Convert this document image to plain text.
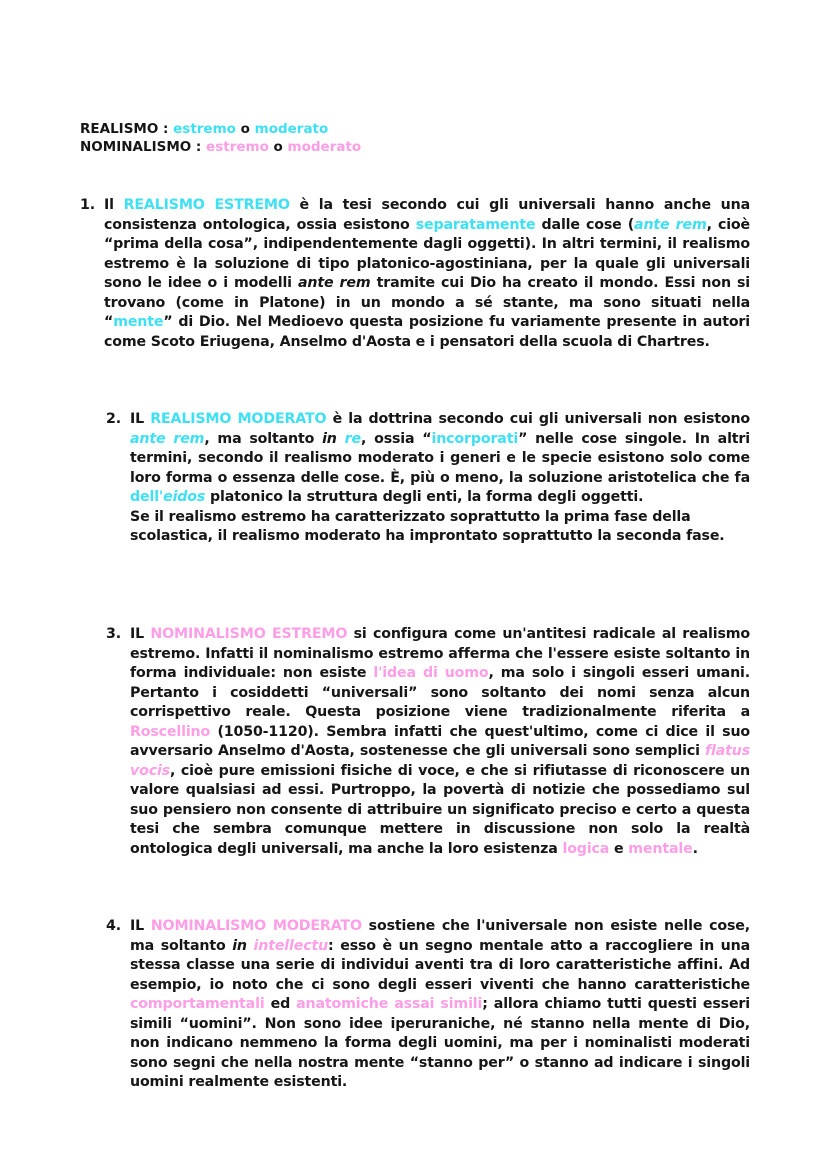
REALISMO : estremo o moderato
NOMINALISMO : estremo o moderato
1. Il REALISMO ESTREMO è la tesi secondo cui gli universali hanno anche una consistenza ontologica, ossia esistono separatamente dalle cose (ante rem, cioè “prima della cosa”, indipendentemente dagli oggetti). In altri termini, il realismo estremo è la soluzione di tipo platonico-agostiniana, per la quale gli universali sono le idee o i modelli ante rem tramite cui Dio ha creato il mondo. Essi non si trovano (come in Platone) in un mondo a sé stante, ma sono situati nella “mente” di Dio. Nel Medioevo questa posizione fu variamente presente in autori come Scoto Eriugena, Anselmo d'Aosta e i pensatori della scuola di Chartres.

2. IL REALISMO MODERATO è la dottrina secondo cui gli universali non esistono ante rem, ma soltanto in re, ossia “incorporati” nelle cose singole. In altri termini, secondo il realismo moderato i generi e le specie esistono solo come loro forma o essenza delle cose. È, più o meno, la soluzione aristotelica che fa dell'eidos platonico la struttura degli enti, la forma degli oggetti.

Se il realismo estremo ha caratterizzato soprattutto la prima fase della scolastica, il realismo moderato ha improntato soprattutto la seconda fase.

3. IL NOMINALISMO ESTREMO si configura come un'antitesi radicale al realismo estremo. Infatti il nominalismo estremo afferma che l'essere esiste soltanto in forma individuale: non esiste l'idea di uomo, ma solo i singoli esseri umani. Pertanto i cosiddetti “universali” sono soltanto dei nomi senza alcun corrispettivo reale. Questa posizione viene tradizionalmente riferita a Roscellino (1050-1120). Sembra infatti che quest'ultimo, come ci dice il suo avversario Anselmo d'Aosta, sostenesse che gli universali sono semplici flatus vocis, cioè pure emissioni fisiche di voce, e che si rifiutasse di riconoscere un valore qualsiasi ad essi. Purtroppo, la povertà di notizie che possediamo sul suo pensiero non consente di attribuire un significato preciso e certo a questa tesi che sembra comunque mettere in discussione non solo la realtà ontologica degli universali, ma anche la loro esistenza logica e mentale.

4. IL NOMINALISMO MODERATO sostiene che l'universale non esiste nelle cose, ma soltanto in intellectu: esso è un segno mentale atto a raccogliere in una stessa classe una serie di individui aventi tra di loro caratteristiche affini. Ad esempio, io noto che ci sono degli esseri viventi che hanno caratteristiche comportamentali ed anatomiche assai simili; allora chiamo tutti questi esseri simili “uomini”. Non sono idee iperuraniche, né stanno nella mente di Dio, non indicano nemmeno la forma degli uomini, ma per i nominalisti moderati sono segni che nella nostra mente “stanno per” o stanno ad indicare i singoli uomini realmente esistenti.
